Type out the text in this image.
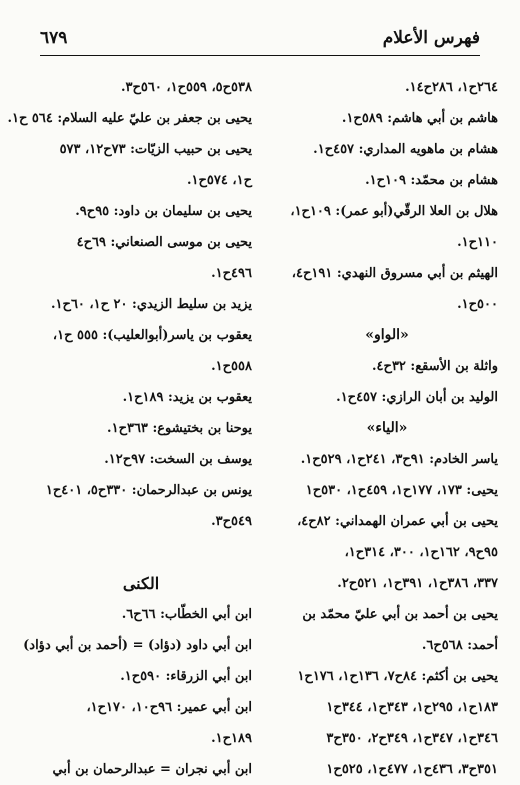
فهرس الأعلام
٦٧٩
٢٦٤ح١، ٢٨٦ح١٤.
هاشم بن أبي هاشم: ٥٨٩ح١.
هشام بن ماهويه المداري: ٤٥٧ح١.
هشام بن محمّد: ١٠٩ح١.
هلال بن العلا الرقّي(أبو عمر): ١٠٩ح١،
١١٠ح١.
الهيثم بن أبي مسروق النهدي: ١٩١ح٤،
٥٠٠ح١.
«الواو»
واثلة بن الأسقع: ٣٢ح٤.
الوليد بن أبان الرازي: ٤٥٧ح١.
«الياء»
ياسر الخادم: ٩١ح٣، ٢٤١ح١، ٥٢٩ح١.
يحيى: ١٧٣، ١٧٧ح١، ٤٥٩ح١، ٥٣٠ح١
يحيى بن أبي عمران الهمداني: ٨٢ح٤،
٩٥ح٩، ١٦٢ح١، ٣٠٠، ٣١٤ح١،
٣٣٧، ٣٨٦ح١، ٣٩١ح١، ٥٢١ح٢.
يحيى بن أحمد بن أبي عليّ محمّد بن
أحمد: ٥٦٨ح٦.
يحيى بن أكثم: ٨٤ح٧، ١٣٦ح١، ١٧٦ح١
١٨٣ح١، ٢٩٥ح١، ٣٤٣ح١، ٣٤٤ح١
٣٤٦ح١، ٣٤٧ح١، ٣٤٩ح٢، ٣٥٠ح٣
٣٥١ح٣، ٤٣٦ح١، ٤٧٧ح١، ٥٢٥ح١
٥٣٨ح٥، ٥٥٩ح١، ٥٦٠ح٣.
يحيى بن جعفر بن عليّ عليه السلام: ٥٦٤ ح١.
يحيى بن حبيب الزيّات: ٧٣ح١٢، ٥٧٣
ح١، ٥٧٤ح١.
يحيى بن سليمان بن داود: ٩٥ح٩.
يحيى بن موسى الصنعاني: ٦٩ح٤
٤٩٦ح١.
يزيد بن سليط الزيدي: ٢٠ ح١، ٦٠ح١.
يعقوب بن ياسر(أبوالعليب): ٥٥٥ ح١،
٥٥٨ح١.
يعقوب بن يزيد: ١٨٩ح١.
يوحنا بن بختيشوع: ٣٦٣ح١.
يوسف بن السخت: ٩٧ح١٢.
يونس بن عبدالرحمان: ٣٣٠ح٥، ٤٠١ح١
٥٤٩ح٣.
الكنى
ابن أبي الخطّاب: ٦٦ح٦.
ابن أبي داود (دؤاد) = (أحمد بن أبي دؤاد)
ابن أبي الزرقاء: ٥٩٠ح١.
ابن أبي عمير: ٩٦ح١٠، ١٧٠ح١،
١٨٩ح١.
ابن أبي نجران = عبدالرحمان بن أبي
